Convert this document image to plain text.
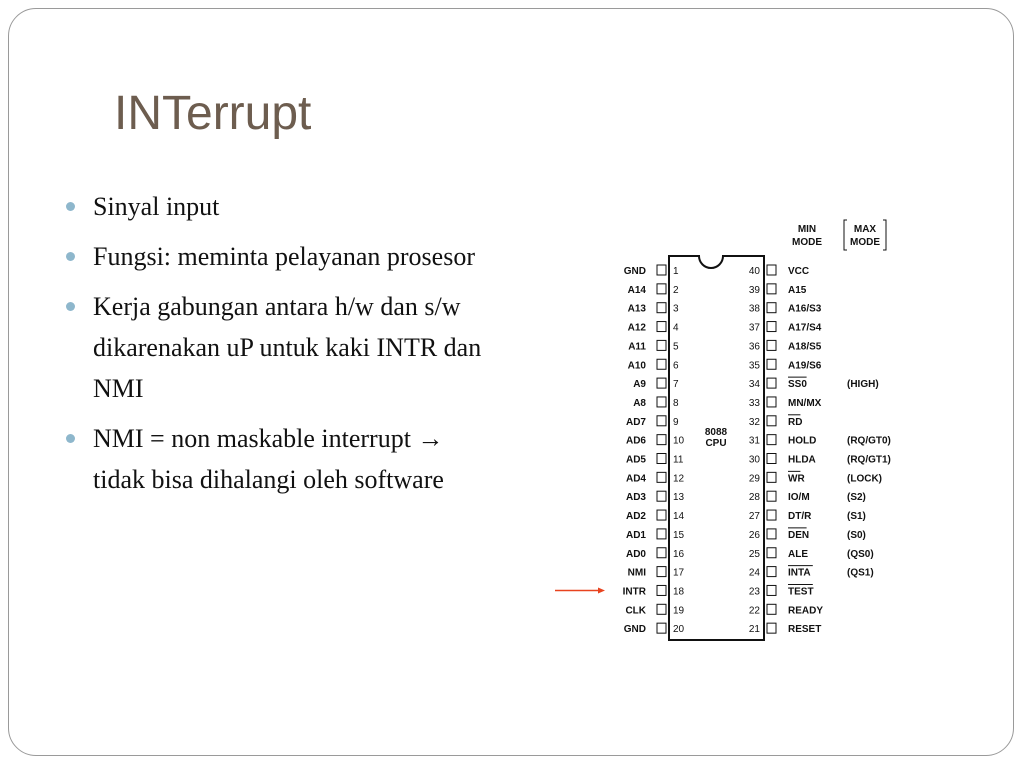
INTerrupt
Sinyal input
Fungsi: meminta pelayanan prosesor
Kerja gabungan antara h/w dan s/w dikarenakan uP untuk kaki INTR dan NMI
NMI = non maskable interrupt → tidak bisa dihalangi oleh software
MIN
MODE
MAX
MODE
8088
CPU
GND	1
A14	2
A13	3
A12	4
A11	5
A10	6
A9	7
A8	8
AD7	9
AD6	10
AD5	11
AD4	12
AD3	13
AD2	14
AD1	15
AD0	16
NMI	17
INTR	18
CLK	19
GND	20
40	VCC
39	A15
38	A16/S3
37	A17/S4
36	A18/S5
35	A19/S6
34	SS0	(HIGH)
33	MN/MX
32	RD
31	HOLD	(RQ/GT0)
30	HLDA	(RQ/GT1)
29	WR	(LOCK)
28	IO/M	(S2)
27	DT/R	(S1)
26	DEN	(S0)
25	ALE	(QS0)
24	INTA	(QS1)
23	TEST
22	READY
21	RESET
